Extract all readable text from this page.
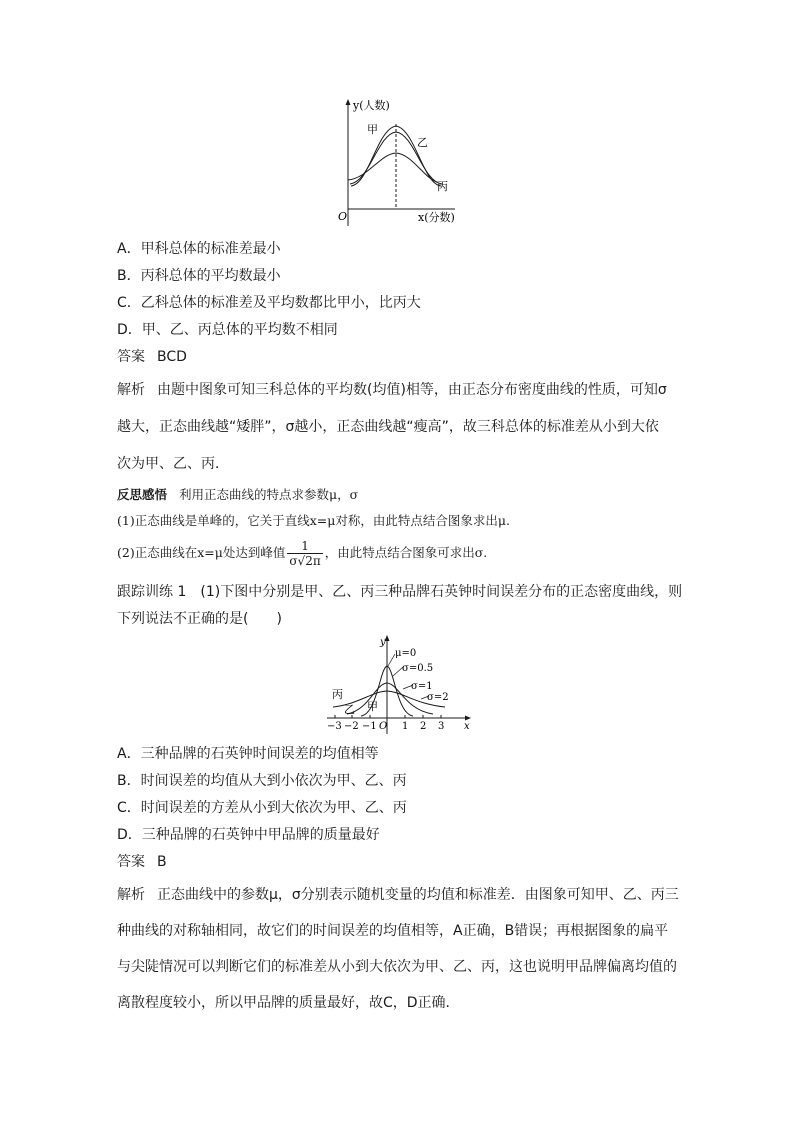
y(人数)
x(分数)
O
甲
乙
丙
A．甲科总体的标准差最小
B．丙科总体的平均数最小
C．乙科总体的标准差及平均数都比甲小，比丙大
D．甲、乙、丙总体的平均数不相同
答案 BCD
解析 由题中图象可知三科总体的平均数(均值)相等，由正态分布密度曲线的性质，可知σ
越大，正态曲线越“矮胖”，σ越小，正态曲线越“瘦高”，故三科总体的标准差从小到大依
次为甲、乙、丙．
反思感悟 利用正态曲线的特点求参数μ，σ
(1)正态曲线是单峰的，它关于直线x=μ对称，由此特点结合图象求出μ.
(2)正态曲线在x=μ处达到峰值 $\frac{1}{\sigma√2\pi}$ ，由此特点结合图象可求出σ.
跟踪训练 1　(1)下图中分别是甲、乙、丙三种品牌石英钟时间误差分布的正态密度曲线，则
下列说法不正确的是(　　)
y
x
μ=0
σ=0.5
σ=1
σ=2
丙
乙 甲
−3 −2 −1 O 1 2 3
A．三种品牌的石英钟时间误差的均值相等
B．时间误差的均值从大到小依次为甲、乙、丙
C．时间误差的方差从小到大依次为甲、乙、丙
D．三种品牌的石英钟中甲品牌的质量最好
答案 B
解析 正态曲线中的参数μ，σ分别表示随机变量的均值和标准差．由图象可知甲、乙、丙三
种曲线的对称轴相同，故它们的时间误差的均值相等，A正确，B错误；再根据图象的扁平
与尖陡情况可以判断它们的标准差从小到大依次为甲、乙、丙，这也说明甲品牌偏离均值的
离散程度较小，所以甲品牌的质量最好，故C，D正确．
